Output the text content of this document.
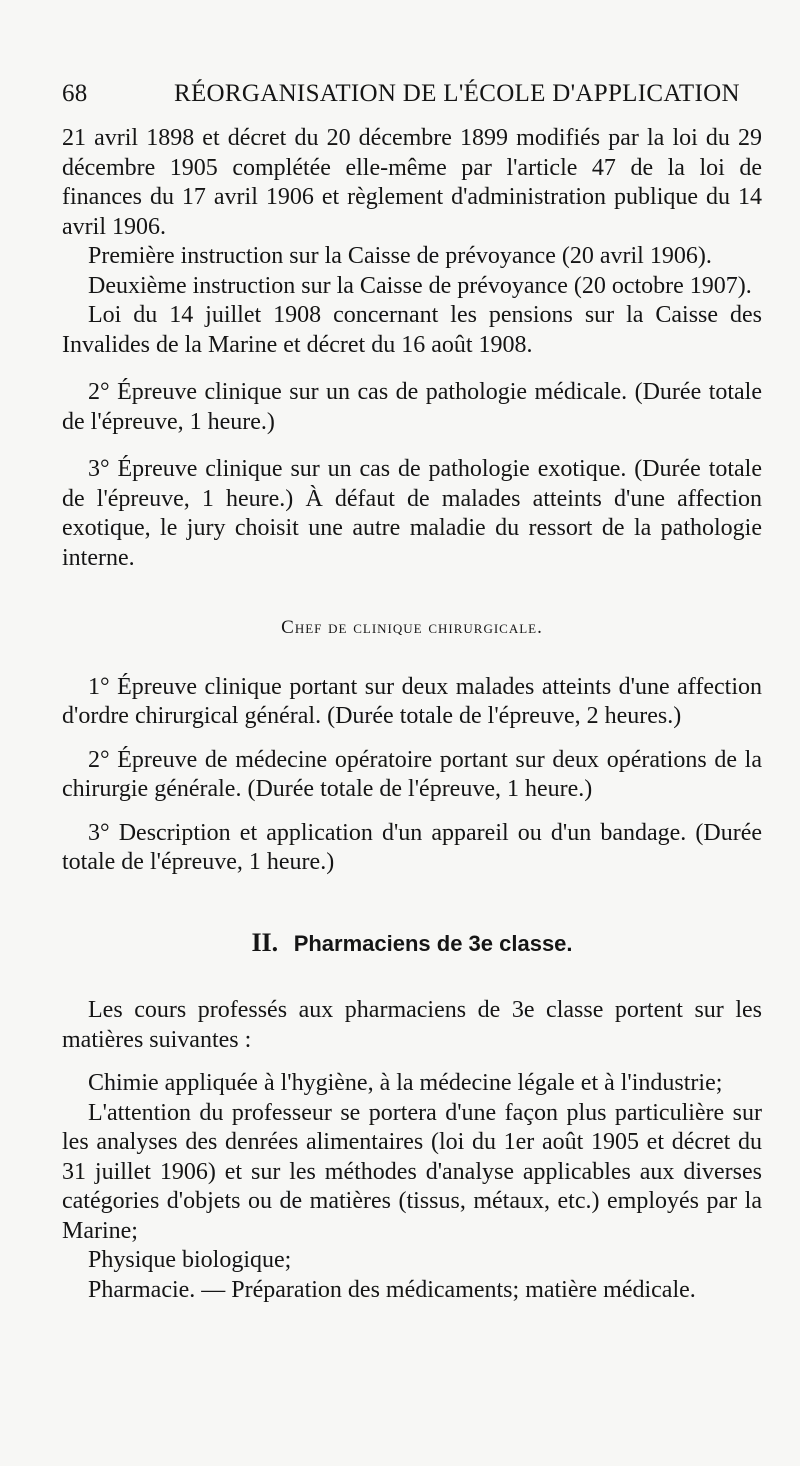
68	RÉORGANISATION DE L'ÉCOLE D'APPLICATION

21 avril 1898 et décret du 20 décembre 1899 modifiés par la loi du 29 décembre 1905 complétée elle-même par l'article 47 de la loi de finances du 17 avril 1906 et règlement d'administration publique du 14 avril 1906.

Première instruction sur la Caisse de prévoyance (20 avril 1906).

Deuxième instruction sur la Caisse de prévoyance (20 octobre 1907).

Loi du 14 juillet 1908 concernant les pensions sur la Caisse des Invalides de la Marine et décret du 16 août 1908.

2° Épreuve clinique sur un cas de pathologie médicale. (Durée totale de l'épreuve, 1 heure.)

3° Épreuve clinique sur un cas de pathologie exotique. (Durée totale de l'épreuve, 1 heure.) À défaut de malades atteints d'une affection exotique, le jury choisit une autre maladie du ressort de la pathologie interne.

Chef de clinique chirurgicale.

1° Épreuve clinique portant sur deux malades atteints d'une affection d'ordre chirurgical général. (Durée totale de l'épreuve, 2 heures.)

2° Épreuve de médecine opératoire portant sur deux opérations de la chirurgie générale. (Durée totale de l'épreuve, 1 heure.)

3° Description et application d'un appareil ou d'un bandage. (Durée totale de l'épreuve, 1 heure.)

II. Pharmaciens de 3e classe.

Les cours professés aux pharmaciens de 3e classe portent sur les matières suivantes :

Chimie appliquée à l'hygiène, à la médecine légale et à l'industrie;

L'attention du professeur se portera d'une façon plus particulière sur les analyses des denrées alimentaires (loi du 1er août 1905 et décret du 31 juillet 1906) et sur les méthodes d'analyse applicables aux diverses catégories d'objets ou de matières (tissus, métaux, etc.) employés par la Marine;

Physique biologique;

Pharmacie. — Préparation des médicaments; matière médicale.
